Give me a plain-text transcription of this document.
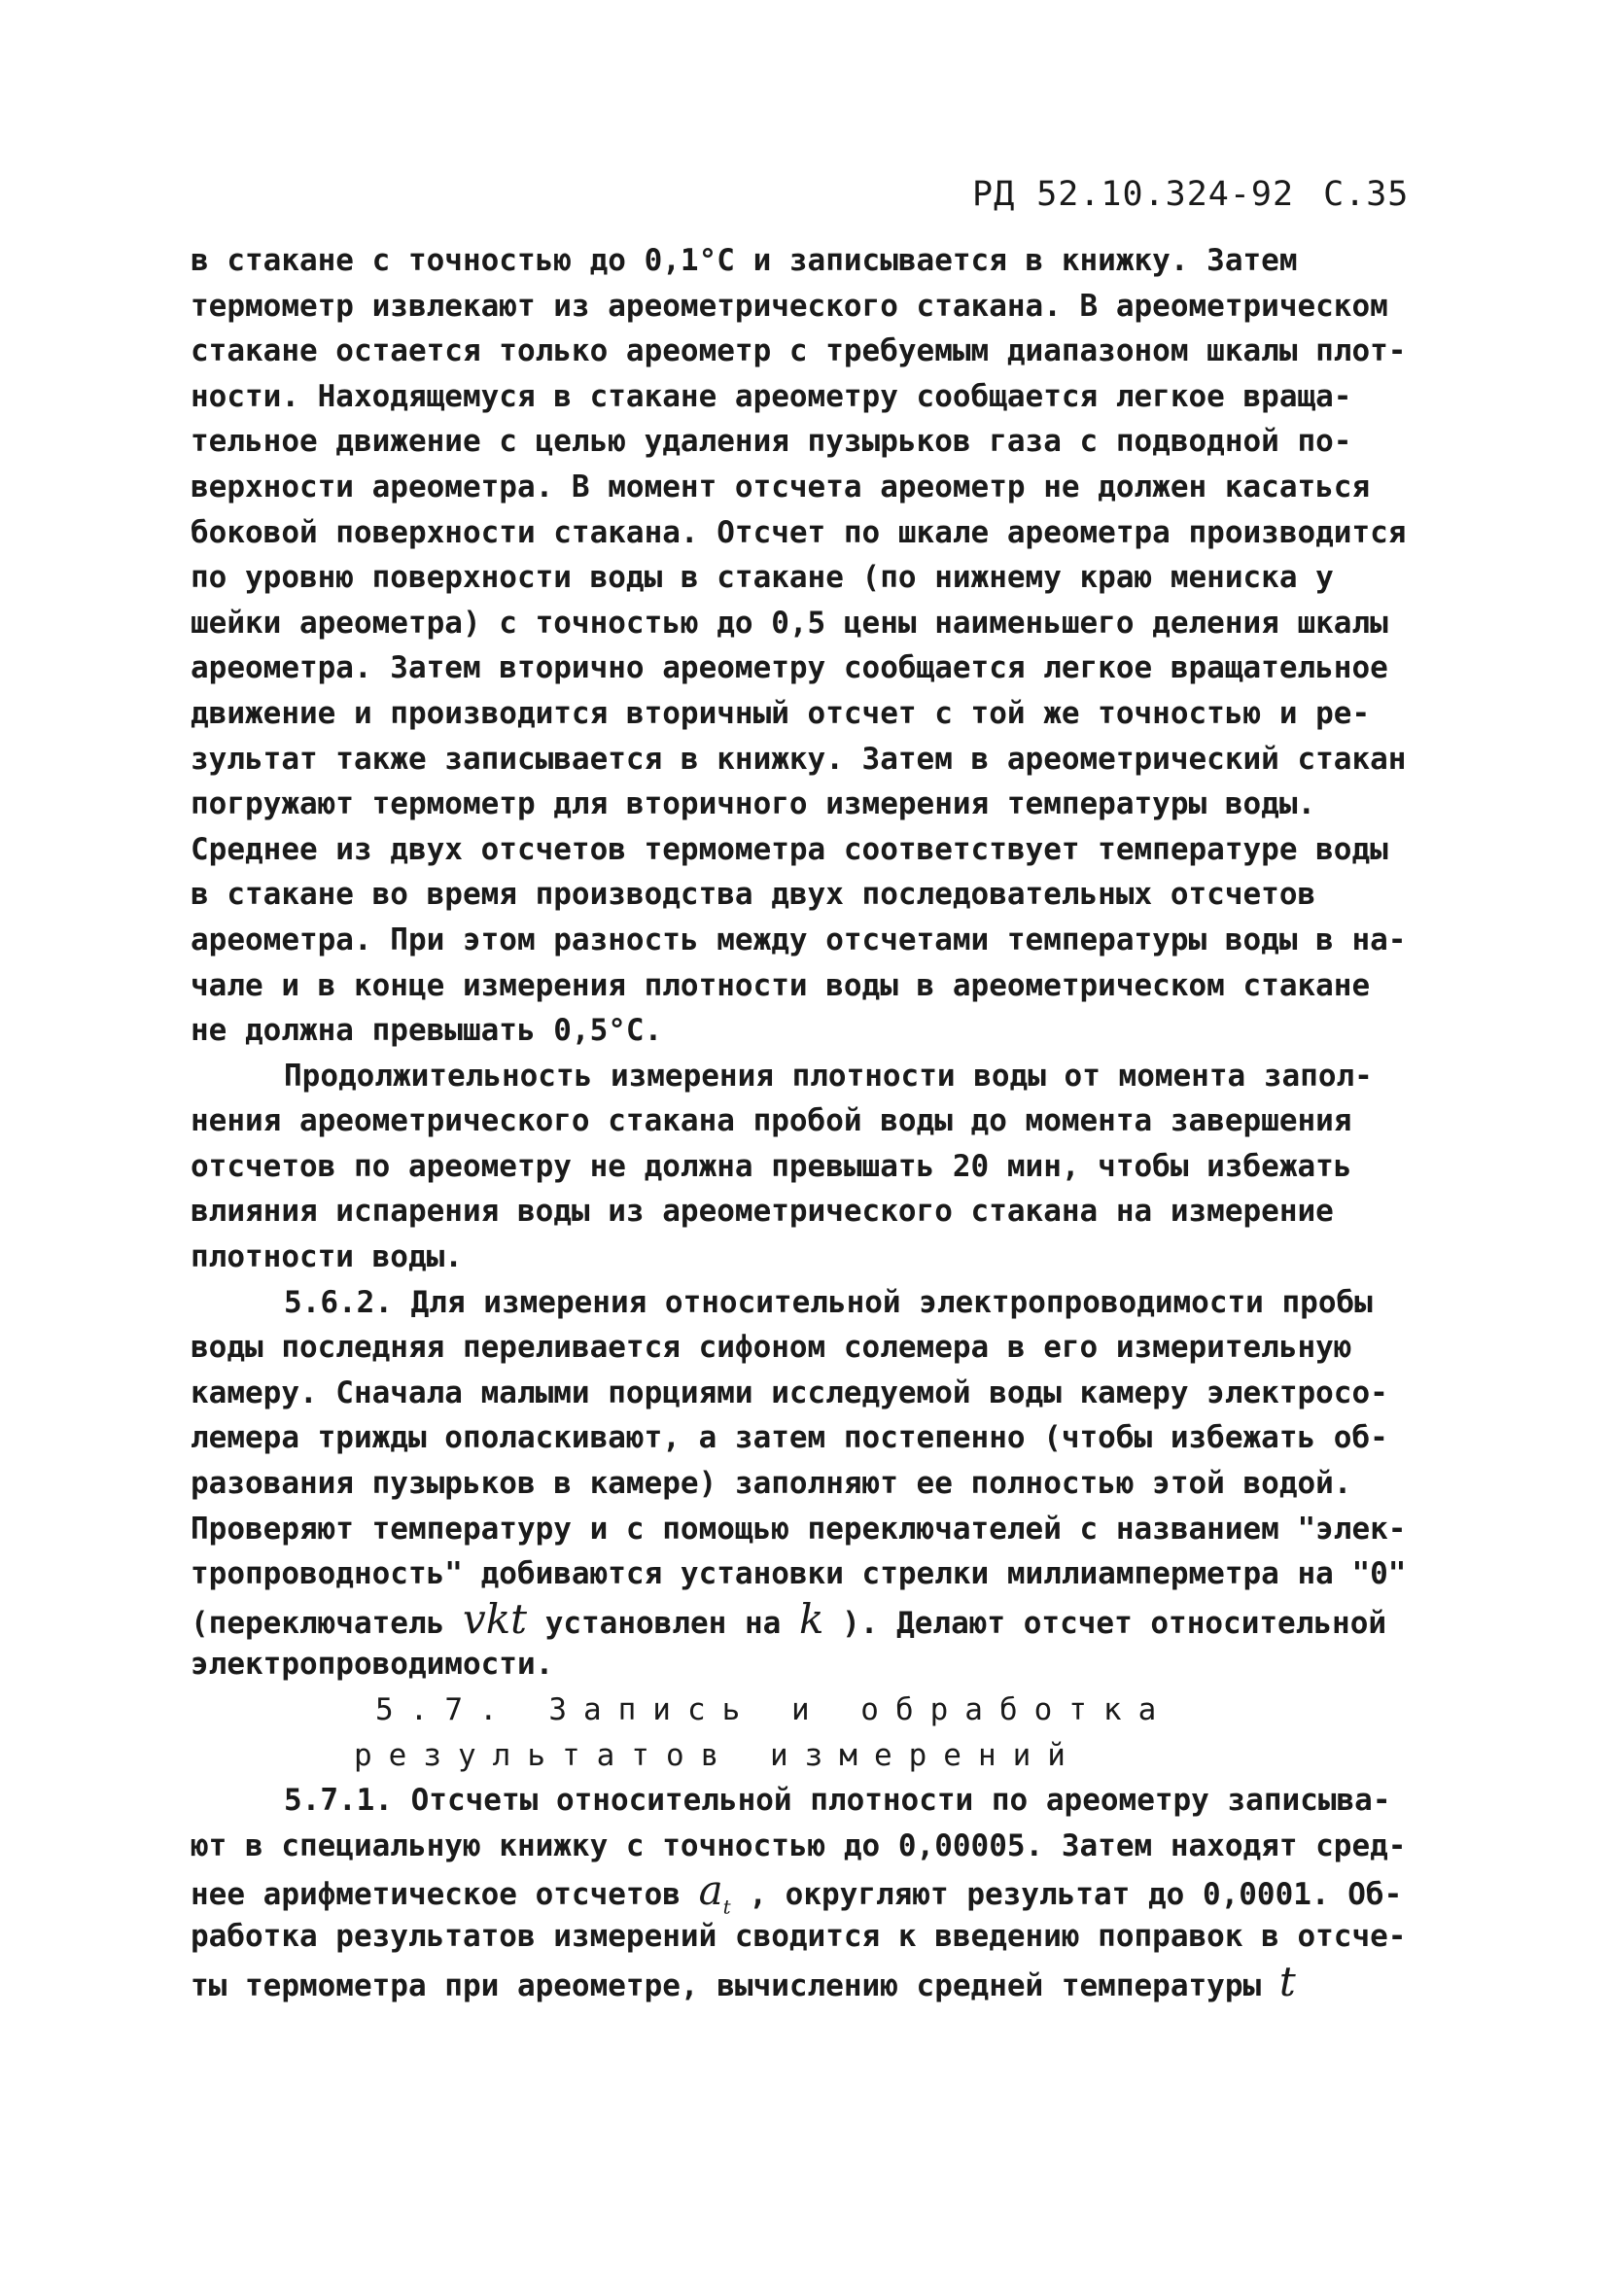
РД 52.10.324-92 С.35
в стакане с точностью до 0,1°С и записывается в книжку. Затем
термометр извлекают из ареометрического стакана. В ареометрическом
стакане остается только ареометр с требуемым диапазоном шкалы плот-
ности. Находящемуся в стакане ареометру сообщается легкое враща-
тельное движение с целью удаления пузырьков газа с подводной по-
верхности ареометра. В момент отсчета ареометр не должен касаться
боковой поверхности стакана. Отсчет по шкале ареометра производится
по уровню поверхности воды в стакане (по нижнему краю мениска у
шейки ареометра) с точностью до 0,5 цены наименьшего деления шкалы
ареометра. Затем вторично ареометру сообщается легкое вращательное
движение и производится вторичный отсчет с той же точностью и ре-
зультат также записывается в книжку. Затем в ареометрический стакан
погружают термометр для вторичного измерения температуры воды.
Среднее из двух отсчетов термометра соответствует температуре воды
в стакане во время производства двух последовательных отсчетов
ареометра. При этом разность между отсчетами температуры воды в на-
чале и в конце измерения плотности воды в ареометрическом стакане
не должна превышать 0,5°С.
Продолжительность измерения плотности воды от момента запол-
нения ареометрического стакана пробой воды до момента завершения
отсчетов по ареометру не должна превышать 20 мин, чтобы избежать
влияния испарения воды из ареометрического стакана на измерение
плотности воды.
5.6.2. Для измерения относительной электропроводимости пробы
воды последняя переливается сифоном солемера в его измерительную
камеру. Сначала малыми порциями исследуемой воды камеру электросо-
лемера трижды ополаскивают, а затем постепенно (чтобы избежать об-
разования пузырьков в камере) заполняют ее полностью этой водой.
Проверяют температуру и с помощью переключателей с названием "элек-
тропроводность" добиваются установки стрелки миллиамперметра на "0"
(переключатель vkt установлен на k ). Делают отсчет относительной
электропроводимости.
5.7. Запись и обработка
результатов измерений
5.7.1. Отсчеты относительной плотности по ареометру записыва-
ют в специальную книжку с точностью до 0,00005. Затем находят сред-
нее арифметическое отсчетов $a_t$ , округляют результат до 0,0001. Об-
работка результатов измерений сводится к введению поправок в отсче-
ты термометра при ареометре, вычислению средней температуры t
